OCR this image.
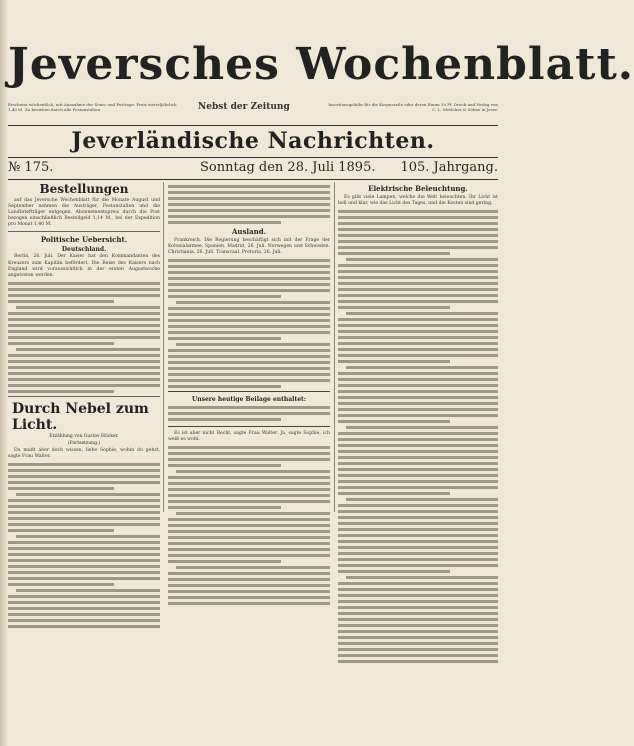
Jeversches Wochenblatt.
Erscheint wöchentlich, mit Ausnahme der Sonn- und Festtage. Preis vierteljährlich 1,40 M. Zu beziehen durch alle Postanstalten.	Nebst der Zeitung	Insertionsgebühr für die Korpuszeile oder deren Raum 10 Pf. Druck und Verlag von C. L. Mettcker & Söhne in Jever.
Jeverländische Nachrichten.
№ 175.	Sonntag den 28. Juli 1895. 105. Jahrgang.
Bestellungen

auf das Jeversche Wochenblatt für die Monate August und September nehmen die Austräger, Postanstalten und die Landbriefträger entgegen. Abonnementspreis durch die Post bezogen einschließlich Bestellgeld 1,14 M., bei der Expedition pro Monat 1,40 M.

Politische Uebersicht.
Deutschland.

Berlin, 26. Juli. Der Kaiser hat den Kommandanten des Kreuzers zum Kapitän befördert. Die Reise des Kaisers nach England wird voraussichtlich in der ersten Augustwoche angetreten werden.

Durch Nebel zum Licht.
Erzählung von Gustav Höcker.
(Fortsetzung.)

Du mußt aber doch wissen, liebe Sophie, wohin du gehst, sagte Frau Walter.

Ausland.

Frankreich. Die Regierung beschäftigt sich mit der Frage der Kolonialarmee. Spanien. Madrid, 26. Juli. Norwegen und Schweden. Christiania, 26. Juli. Transvaal. Pretoria, 26. Juli.

Unsere heutige Beilage enthaltet:

Es ist aber nicht Recht, sagte Frau Walter. Ja, sagte Sophie, ich weiß es wohl.

Elektrische Beleuchtung.

Es gibt viele Lampen, welche die Welt beleuchten. Ihr Licht ist hell und klar, wie das Licht des Tages, und die Kosten sind gering.
